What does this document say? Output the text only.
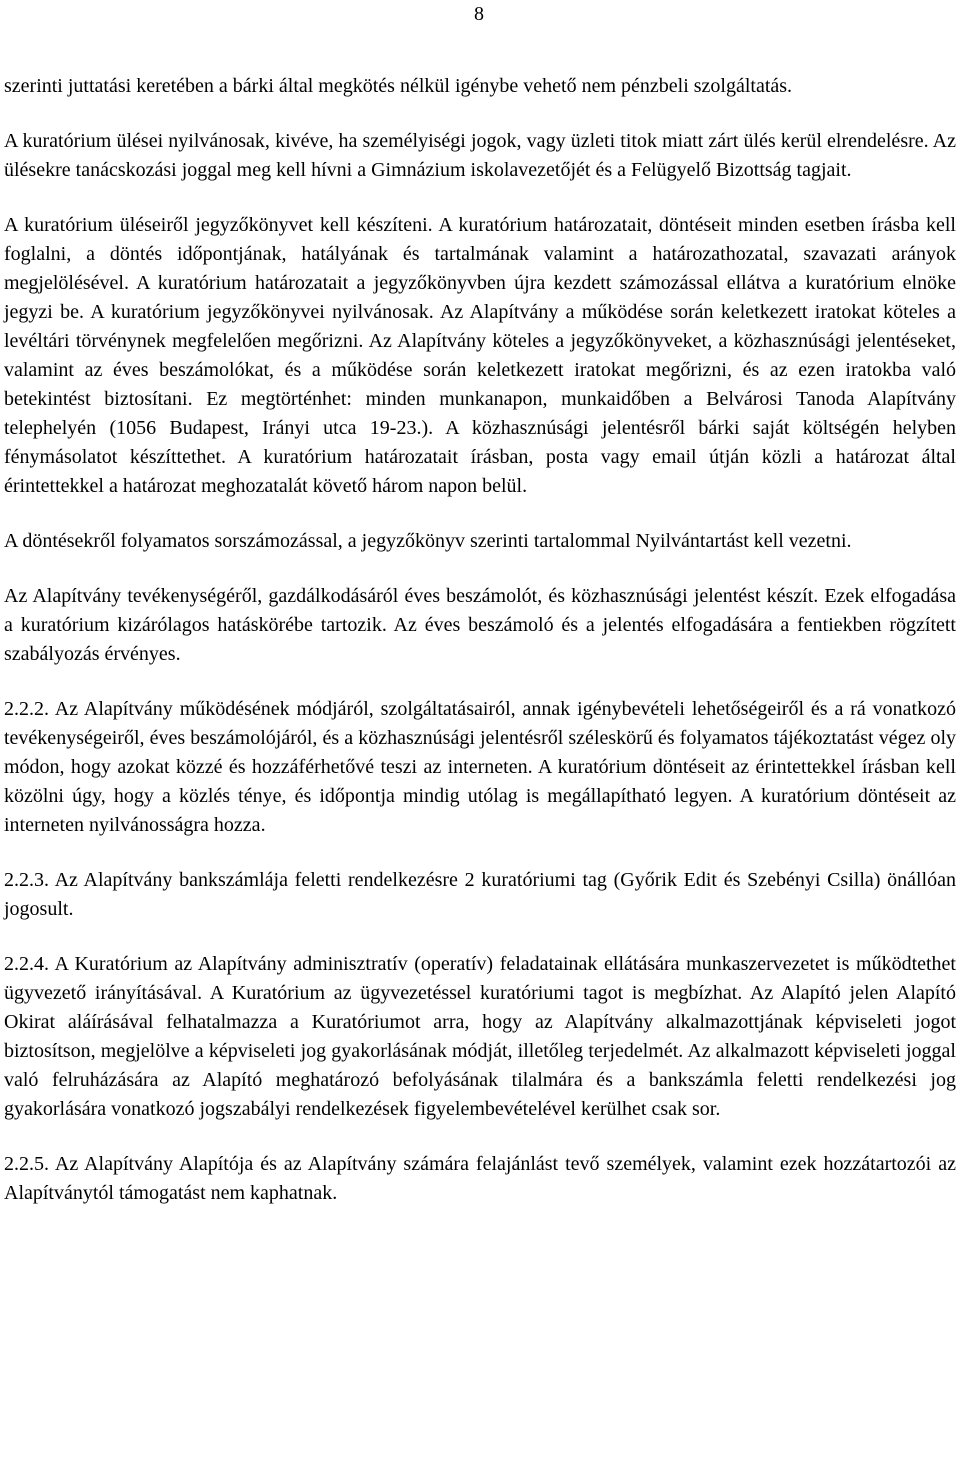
8

szerinti juttatási keretében a bárki által megkötés nélkül igénybe vehető nem pénzbeli szolgáltatás.

A kuratórium ülései nyilvánosak, kivéve, ha személyiségi jogok, vagy üzleti titok miatt zárt ülés kerül elrendelésre. Az ülésekre tanácskozási joggal meg kell hívni a Gimnázium iskolavezetőjét és a Felügyelő Bizottság tagjait.

A kuratórium üléseiről jegyzőkönyvet kell készíteni. A kuratórium határozatait, döntéseit minden esetben írásba kell foglalni, a döntés időpontjának, hatályának és tartalmának valamint a határozathozatal, szavazati arányok megjelölésével. A kuratórium határozatait a jegyzőkönyvben újra kezdett számozással ellátva a kuratórium elnöke jegyzi be. A kuratórium jegyzőkönyvei nyilvánosak. Az Alapítvány a működése során keletkezett iratokat köteles a levéltári törvénynek megfelelően megőrizni. Az Alapítvány köteles a jegyzőkönyveket, a közhasznúsági jelentéseket, valamint az éves beszámolókat, és a működése során keletkezett iratokat megőrizni, és az ezen iratokba való betekintést biztosítani. Ez megtörténhet: minden munkanapon, munkaidőben a Belvárosi Tanoda Alapítvány telephelyén (1056 Budapest, Irányi utca 19-23.). A közhasznúsági jelentésről bárki saját költségén helyben fénymásolatot készíttethet. A kuratórium határozatait írásban, posta vagy email útján közli a határozat által érintettekkel a határozat meghozatalát követő három napon belül.

A döntésekről folyamatos sorszámozással, a jegyzőkönyv szerinti tartalommal Nyilvántartást kell vezetni.

Az Alapítvány tevékenységéről, gazdálkodásáról éves beszámolót, és közhasznúsági jelentést készít. Ezek elfogadása a kuratórium kizárólagos hatáskörébe tartozik. Az éves beszámoló és a jelentés elfogadására a fentiekben rögzített szabályozás érvényes.

2.2.2. Az Alapítvány működésének módjáról, szolgáltatásairól, annak igénybevételi lehetőségeiről és a rá vonatkozó tevékenységeiről, éves beszámolójáról, és a közhasznúsági jelentésről széleskörű és folyamatos tájékoztatást végez oly módon, hogy azokat közzé és hozzáférhetővé teszi az interneten. A kuratórium döntéseit az érintettekkel írásban kell közölni úgy, hogy a közlés ténye, és időpontja mindig utólag is megállapítható legyen. A kuratórium döntéseit az interneten nyilvánosságra hozza.

2.2.3. Az Alapítvány bankszámlája feletti rendelkezésre 2 kuratóriumi tag (Győrik Edit és Szebényi Csilla) önállóan jogosult.

2.2.4. A Kuratórium az Alapítvány adminisztratív (operatív) feladatainak ellátására munkaszervezetet is működtethet ügyvezető irányításával. A Kuratórium az ügyvezetéssel kuratóriumi tagot is megbízhat. Az Alapító jelen Alapító Okirat aláírásával felhatalmazza a Kuratóriumot arra, hogy az Alapítvány alkalmazottjának képviseleti jogot biztosítson, megjelölve a képviseleti jog gyakorlásának módját, illetőleg terjedelmét. Az alkalmazott képviseleti joggal való felruházására az Alapító meghatározó befolyásának tilalmára és a bankszámla feletti rendelkezési jog gyakorlására vonatkozó jogszabályi rendelkezések figyelembevételével kerülhet csak sor.

2.2.5. Az Alapítvány Alapítója és az Alapítvány számára felajánlást tevő személyek, valamint ezek hozzátartozói az Alapítványtól támogatást nem kaphatnak.
